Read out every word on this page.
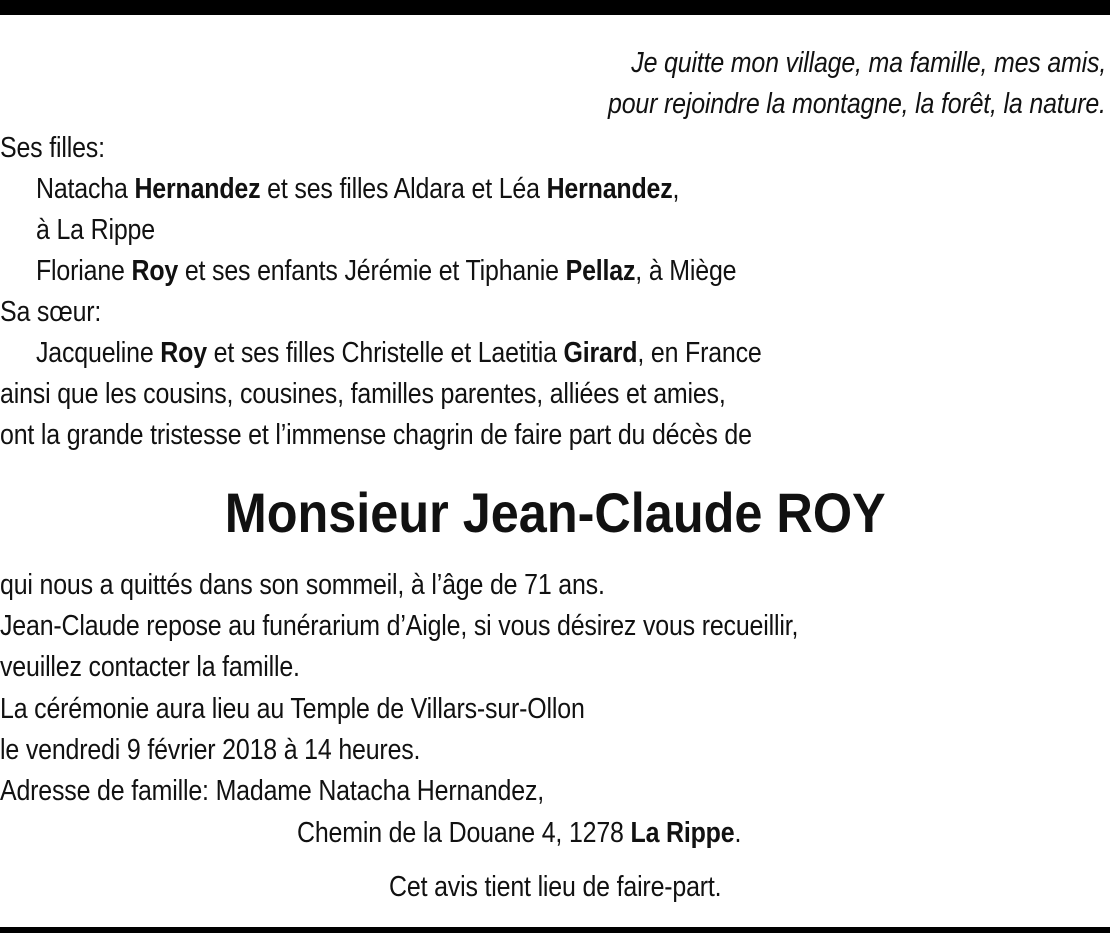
Je quitte mon village, ma famille, mes amis,
pour rejoindre la montagne, la forêt, la nature.
Ses filles:
Natacha Hernandez et ses filles Aldara et Léa Hernandez,
à La Rippe
Floriane Roy et ses enfants Jérémie et Tiphanie Pellaz, à Miège
Sa sœur:
Jacqueline Roy et ses filles Christelle et Laetitia Girard, en France
ainsi que les cousins, cousines, familles parentes, alliées et amies,
ont la grande tristesse et l’immense chagrin de faire part du décès de
Monsieur Jean-Claude ROY
qui nous a quittés dans son sommeil, à l’âge de 71 ans.
Jean-Claude repose au funérarium d’Aigle, si vous désirez vous recueillir,
veuillez contacter la famille.
La cérémonie aura lieu au Temple de Villars-sur-Ollon
le vendredi 9 février 2018 à 14 heures.
Adresse de famille: Madame Natacha Hernandez,
Chemin de la Douane 4, 1278 La Rippe.
Cet avis tient lieu de faire-part.
